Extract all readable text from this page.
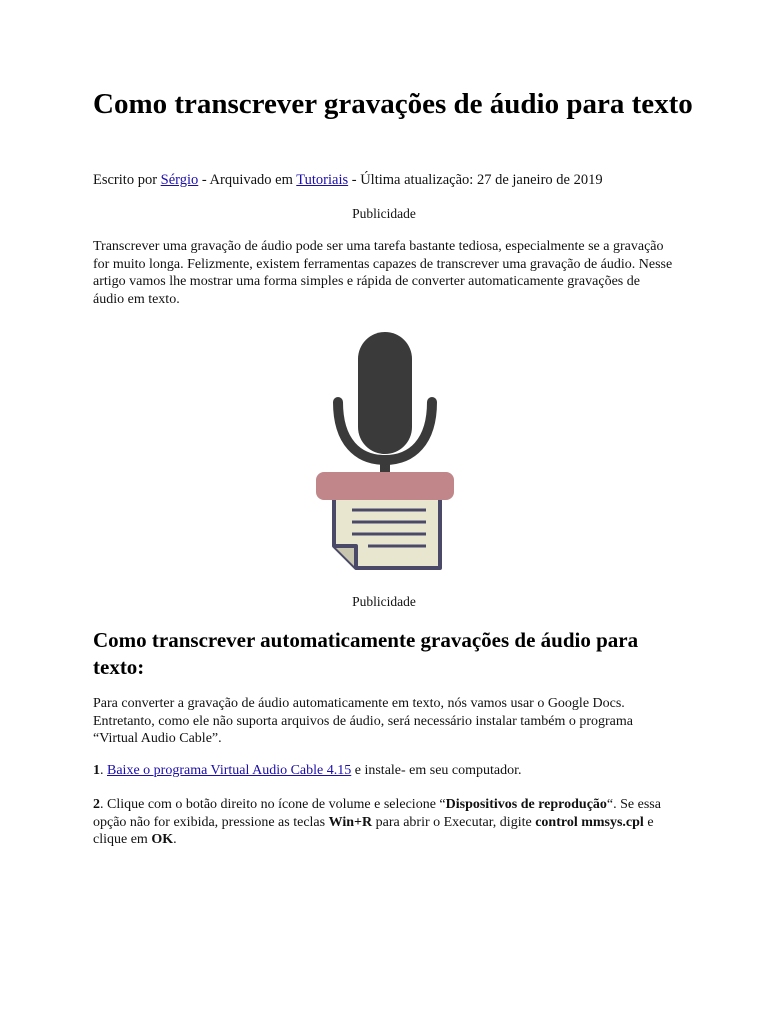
Como transcrever gravações de áudio para texto
Escrito por Sérgio - Arquivado em Tutoriais - Última atualização: 27 de janeiro de 2019
Publicidade

Transcrever uma gravação de áudio pode ser uma tarefa bastante tediosa, especialmente se a gravação for muito longa. Felizmente, existem ferramentas capazes de transcrever uma gravação de áudio. Nesse artigo vamos lhe mostrar uma forma simples e rápida de converter automaticamente gravações de áudio em texto.

Publicidade
Como transcrever automaticamente gravações de áudio para texto:

Para converter a gravação de áudio automaticamente em texto, nós vamos usar o Google Docs. Entretanto, como ele não suporta arquivos de áudio, será necessário instalar também o programa “Virtual Audio Cable”.

1. Baixe o programa Virtual Audio Cable 4.15 e instale- em seu computador.

2. Clique com o botão direito no ícone de volume e selecione “Dispositivos de reprodução“. Se essa opção não for exibida, pressione as teclas Win+R para abrir o Executar, digite control mmsys.cpl e clique em OK.
